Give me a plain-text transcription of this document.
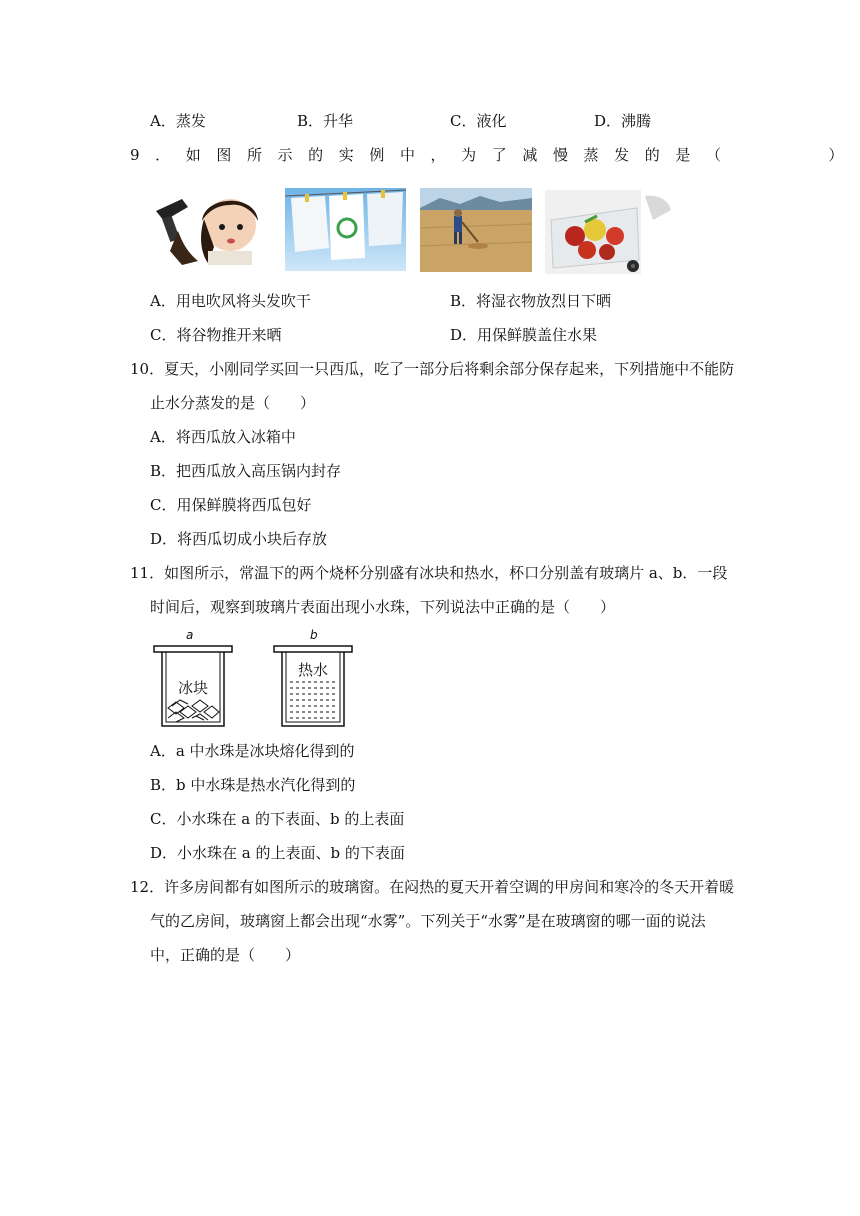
A．蒸发	B．升华	C．液化	D．沸腾
9．如图所示的实例中，为了减慢蒸发的是（　　　）
A．用电吹风将头发吹干	B．将湿衣物放烈日下晒
C．将谷物推开来晒	D．用保鲜膜盖住水果
10．夏天，小刚同学买回一只西瓜，吃了一部分后将剩余部分保存起来，下列措施中不能防
止水分蒸发的是（　　）
A．将西瓜放入冰箱中
B．把西瓜放入高压锅内封存
C．用保鲜膜将西瓜包好
D．将西瓜切成小块后存放
11．如图所示，常温下的两个烧杯分别盛有冰块和热水，杯口分别盖有玻璃片 a、b．一段
时间后，观察到玻璃片表面出现小水珠，下列说法中正确的是（　　）
a	b
冰块
热水
A．a 中水珠是冰块熔化得到的
B．b 中水珠是热水汽化得到的
C．小水珠在 a 的下表面、b 的上表面
D．小水珠在 a 的上表面、b 的下表面
12．许多房间都有如图所示的玻璃窗。在闷热的夏天开着空调的甲房间和寒冷的冬天开着暖
气的乙房间，玻璃窗上都会出现“水雾”。下列关于“水雾”是在玻璃窗的哪一面的说法
中，正确的是（　　）
